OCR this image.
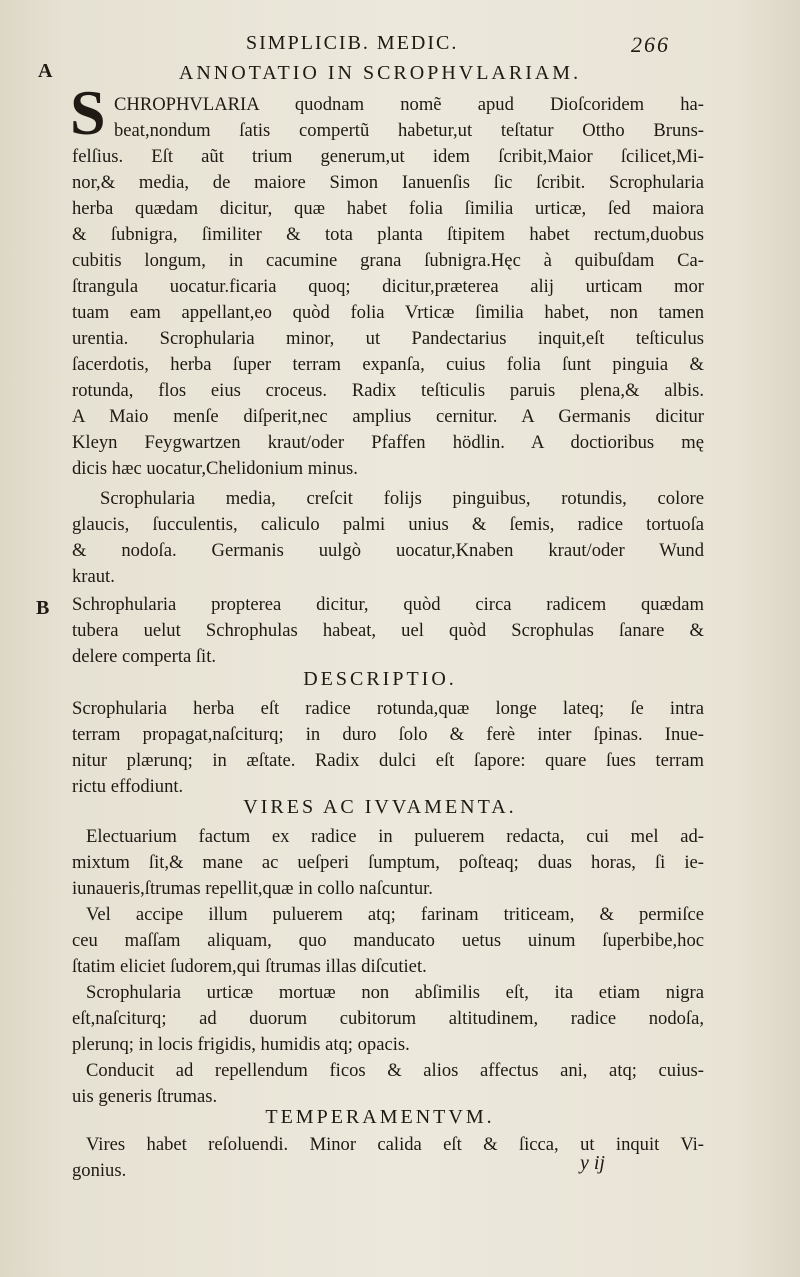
SIMPLICIB. MEDIC.	266
A
B
ANNOTATIO IN SCROPHVLARIAM.
S CHROPHVLARIA quodnam nomẽ apud Dioſcoridem ha-
beat,nondum ſatis compertũ habetur,ut teſtatur Ottho Bruns-
felſius. Eſt aũt trium generum,ut idem ſcribit,Maior ſcilicet,Mi-
nor,& media, de maiore Simon Ianuenſis ſic ſcribit. Scrophularia
herba quædam dicitur, quæ habet folia ſimilia urticæ, ſed maiora
& ſubnigra, ſimiliter & tota planta ſtipitem habet rectum,duobus
cubitis longum, in cacumine grana ſubnigra.Hęc à quibuſdam Ca-
ſtrangula uocatur.ficaria quoq; dicitur,præterea alij urticam mor
tuam eam appellant,eo quòd folia Vrticæ ſimilia habet, non tamen
urentia. Scrophularia minor, ut Pandectarius inquit,eſt teſticulus
ſacerdotis, herba ſuper terram expanſa, cuius folia ſunt pinguia &
rotunda, flos eius croceus. Radix teſticulis paruis plena,& albis.
A Maio menſe diſperit,nec amplius cernitur. A Germanis dicitur
Kleyn Feygwartzen kraut/oder Pfaffen hödlin. A doctioribus mę
dicis hæc uocatur,Chelidonium minus.
Scrophularia media, creſcit folijs pinguibus, rotundis, colore
glaucis, ſucculentis, caliculo palmi unius & ſemis, radice tortuoſa
& nodoſa. Germanis uulgò uocatur,Knaben kraut/oder Wund
kraut.
Schrophularia propterea dicitur, quòd circa radicem quædam
tubera uelut Schrophulas habeat, uel quòd Scrophulas ſanare &
delere comperta ſit.
DESCRIPTIO.
Scrophularia herba eſt radice rotunda,quæ longe lateq; ſe intra
terram propagat,naſciturq; in duro ſolo & ferè inter ſpinas. Inue-
nitur plærunq; in æſtate. Radix dulci eſt ſapore: quare ſues terram
rictu effodiunt.
VIRES AC IVVAMENTA.
Electuarium factum ex radice in puluerem redacta, cui mel ad-
mixtum ſit,& mane ac ueſperi ſumptum, poſteaq; duas horas, ſi ie-
iunaueris,ſtrumas repellit,quæ in collo naſcuntur.
Vel accipe illum puluerem atq; farinam triticeam, & permiſce
ceu maſſam aliquam, quo manducato uetus uinum ſuperbibe,hoc
ſtatim eliciet ſudorem,qui ſtrumas illas diſcutiet.
Scrophularia urticæ mortuæ non abſimilis eſt, ita etiam nigra
eſt,naſciturq; ad duorum cubitorum altitudinem, radice nodoſa,
plerunq; in locis frigidis, humidis atq; opacis.
Conducit ad repellendum ficos & alios affectus ani, atq; cuius-
uis generis ſtrumas.
TEMPERAMENTVM.
Vires habet reſoluendi. Minor calida eſt & ſicca, ut inquit Vi-
gonius.	y ij
